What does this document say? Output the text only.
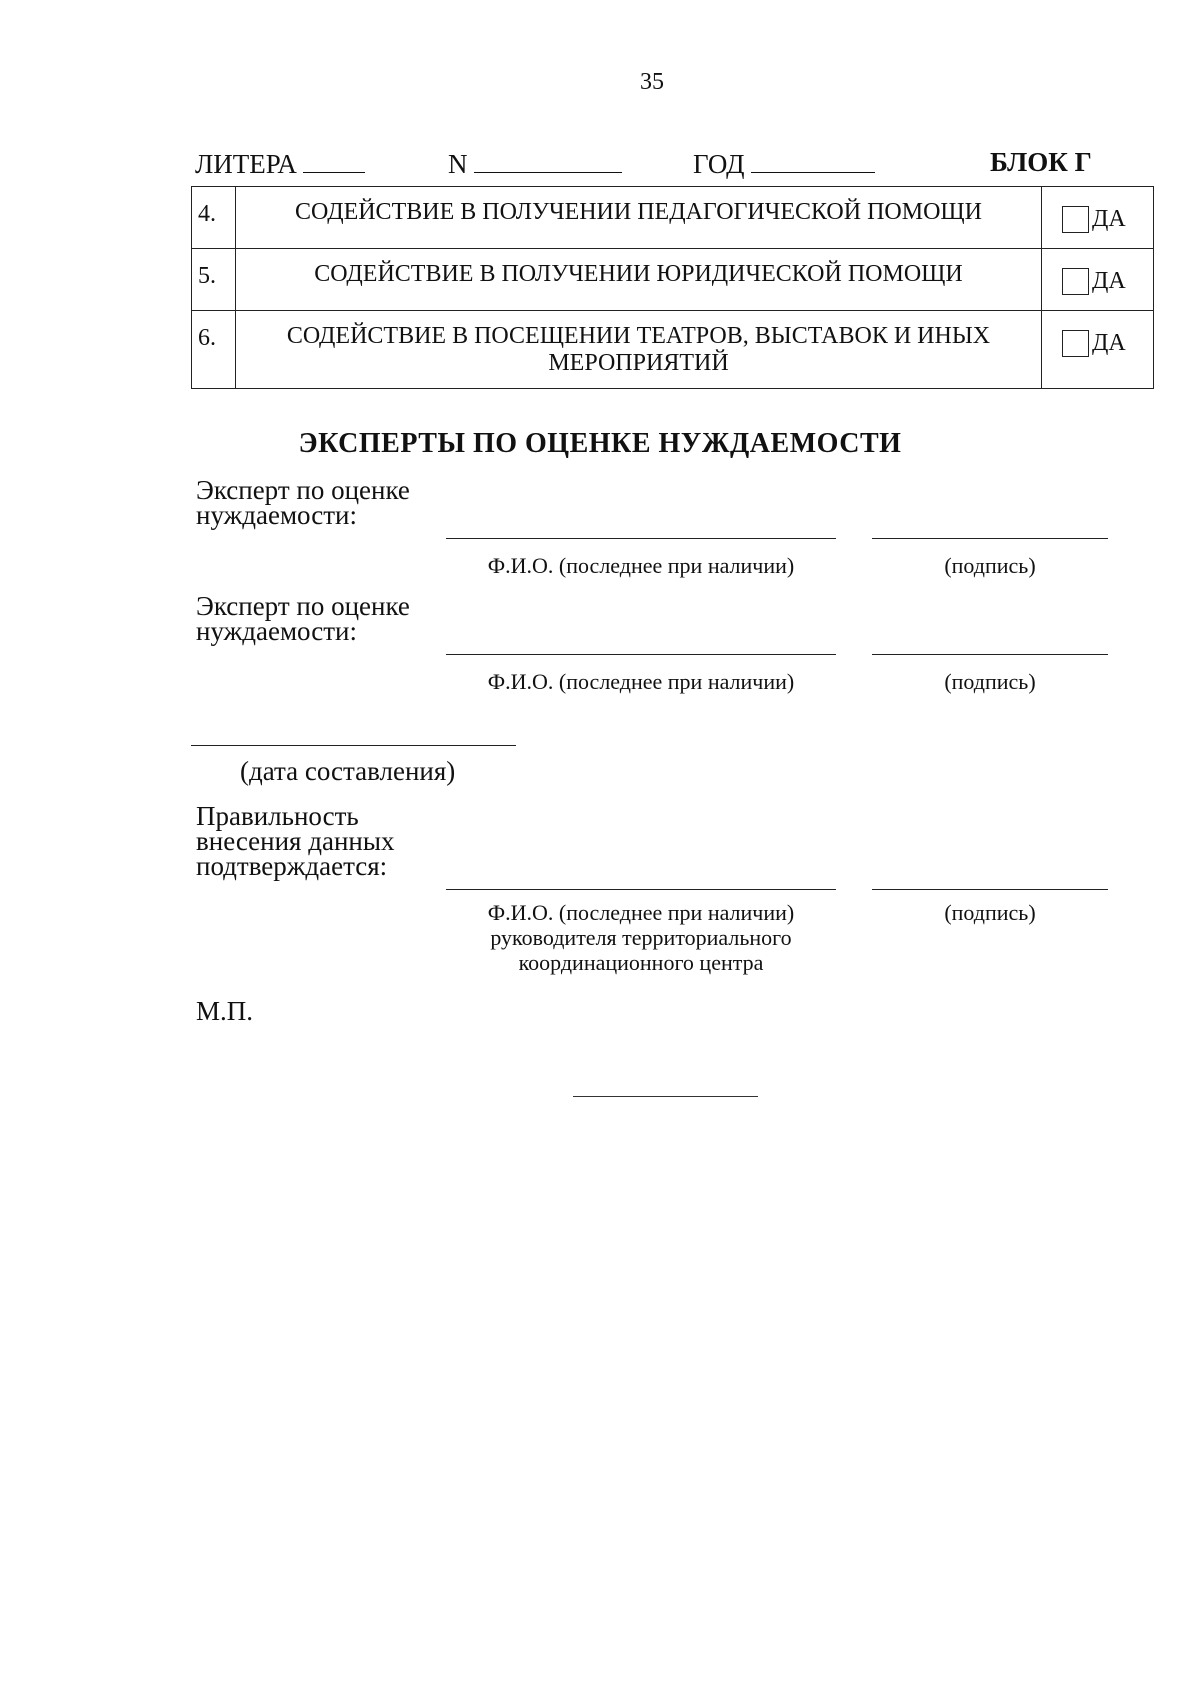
35
ЛИТЕРА	N	ГОД	БЛОК Г
4.	СОДЕЙСТВИЕ В ПОЛУЧЕНИИ ПЕДАГОГИЧЕСКОЙ ПОМОЩИ	ДА
5.	СОДЕЙСТВИЕ В ПОЛУЧЕНИИ ЮРИДИЧЕСКОЙ ПОМОЩИ	ДА
6.	СОДЕЙСТВИЕ В ПОСЕЩЕНИИ ТЕАТРОВ, ВЫСТАВОК И ИНЫХ МЕРОПРИЯТИЙ	ДА
ЭКСПЕРТЫ ПО ОЦЕНКЕ НУЖДАЕМОСТИ
Эксперт по оценке
нуждаемости:
Ф.И.О. (последнее при наличии)	(подпись)
Эксперт по оценке
нуждаемости:
Ф.И.О. (последнее при наличии)	(подпись)
(дата составления)
Правильность
внесения данных
подтверждается:
Ф.И.О. (последнее при наличии)
руководителя территориального
координационного центра
(подпись)
М.П.
